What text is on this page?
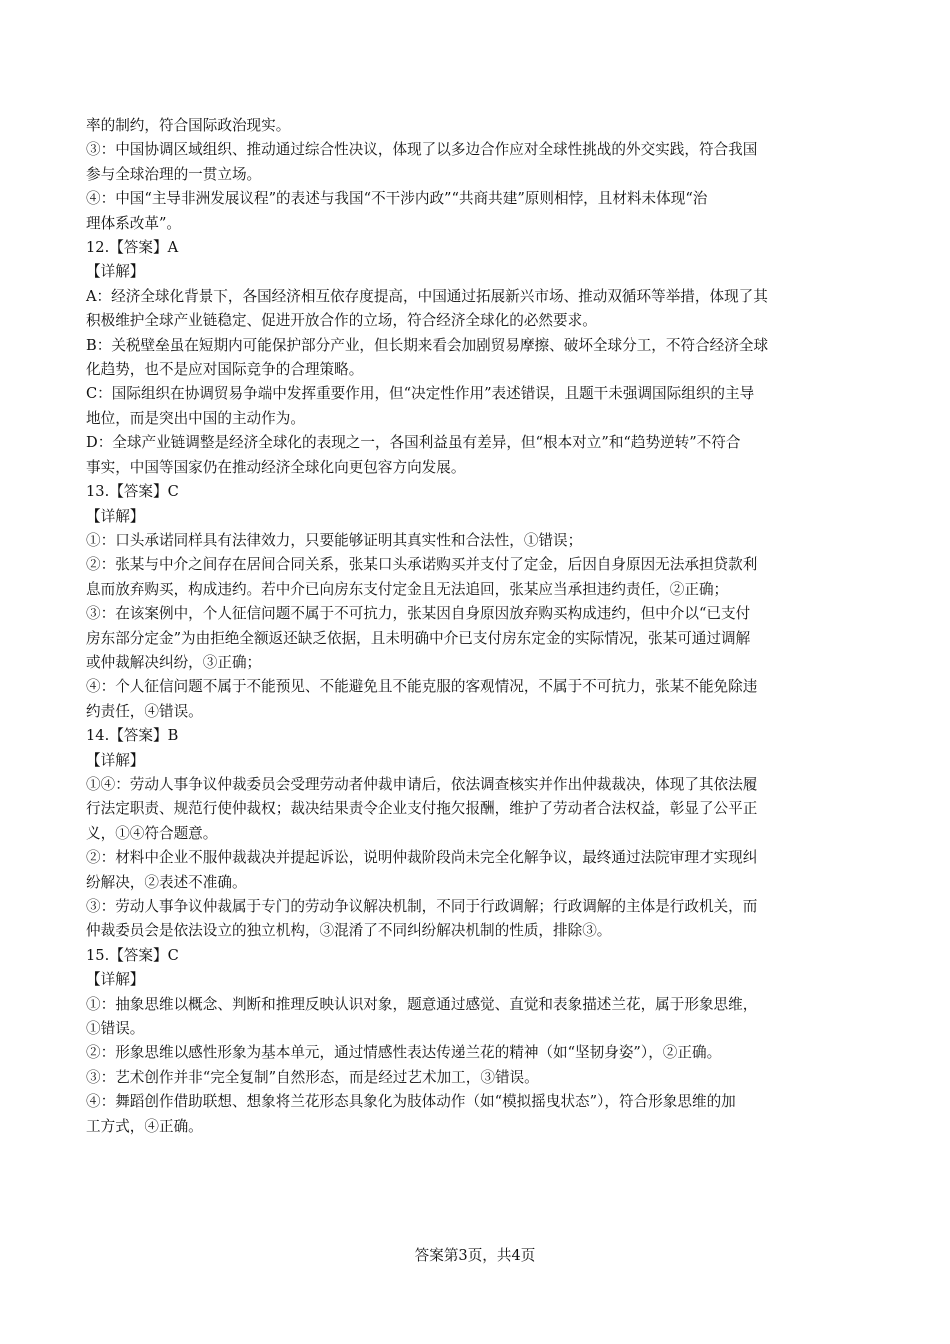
率的制约，符合国际政治现实。
③：中国协调区域组织、推动通过综合性决议，体现了以多边合作应对全球性挑战的外交实践，符合我国
参与全球治理的一贯立场。
④：中国“主导非洲发展议程”的表述与我国“不干涉内政”“共商共建”原则相悖，且材料未体现“治
理体系改革”。
12.【答案】A
【详解】
A：经济全球化背景下，各国经济相互依存度提高，中国通过拓展新兴市场、推动双循环等举措，体现了其
积极维护全球产业链稳定、促进开放合作的立场，符合经济全球化的必然要求。
B：关税壁垒虽在短期内可能保护部分产业，但长期来看会加剧贸易摩擦、破坏全球分工，不符合经济全球
化趋势，也不是应对国际竞争的合理策略。
C：国际组织在协调贸易争端中发挥重要作用，但“决定性作用”表述错误，且题干未强调国际组织的主导
地位，而是突出中国的主动作为。
D：全球产业链调整是经济全球化的表现之一，各国利益虽有差异，但“根本对立”和“趋势逆转”不符合
事实，中国等国家仍在推动经济全球化向更包容方向发展。
13.【答案】C
【详解】
①：口头承诺同样具有法律效力，只要能够证明其真实性和合法性，①错误；
②：张某与中介之间存在居间合同关系，张某口头承诺购买并支付了定金，后因自身原因无法承担贷款利
息而放弃购买，构成违约。若中介已向房东支付定金且无法追回，张某应当承担违约责任，②正确；
③：在该案例中，个人征信问题不属于不可抗力，张某因自身原因放弃购买构成违约，但中介以“已支付
房东部分定金”为由拒绝全额返还缺乏依据，且未明确中介已支付房东定金的实际情况，张某可通过调解
或仲裁解决纠纷，③正确；
④：个人征信问题不属于不能预见、不能避免且不能克服的客观情况，不属于不可抗力，张某不能免除违
约责任，④错误。
14.【答案】B
【详解】
①④：劳动人事争议仲裁委员会受理劳动者仲裁申请后，依法调查核实并作出仲裁裁决，体现了其依法履
行法定职责、规范行使仲裁权；裁决结果责令企业支付拖欠报酬，维护了劳动者合法权益，彰显了公平正
义，①④符合题意。
②：材料中企业不服仲裁裁决并提起诉讼，说明仲裁阶段尚未完全化解争议，最终通过法院审理才实现纠
纷解决，②表述不准确。
③：劳动人事争议仲裁属于专门的劳动争议解决机制，不同于行政调解；行政调解的主体是行政机关，而
仲裁委员会是依法设立的独立机构，③混淆了不同纠纷解决机制的性质，排除③。
15.【答案】C
【详解】
①：抽象思维以概念、判断和推理反映认识对象，题意通过感觉、直觉和表象描述兰花，属于形象思维，
①错误。
②：形象思维以感性形象为基本单元，通过情感性表达传递兰花的精神（如“坚韧身姿”），②正确。
③：艺术创作并非“完全复制”自然形态，而是经过艺术加工，③错误。
④：舞蹈创作借助联想、想象将兰花形态具象化为肢体动作（如“模拟摇曳状态”），符合形象思维的加
工方式，④正确。
答案第3页，共4页
